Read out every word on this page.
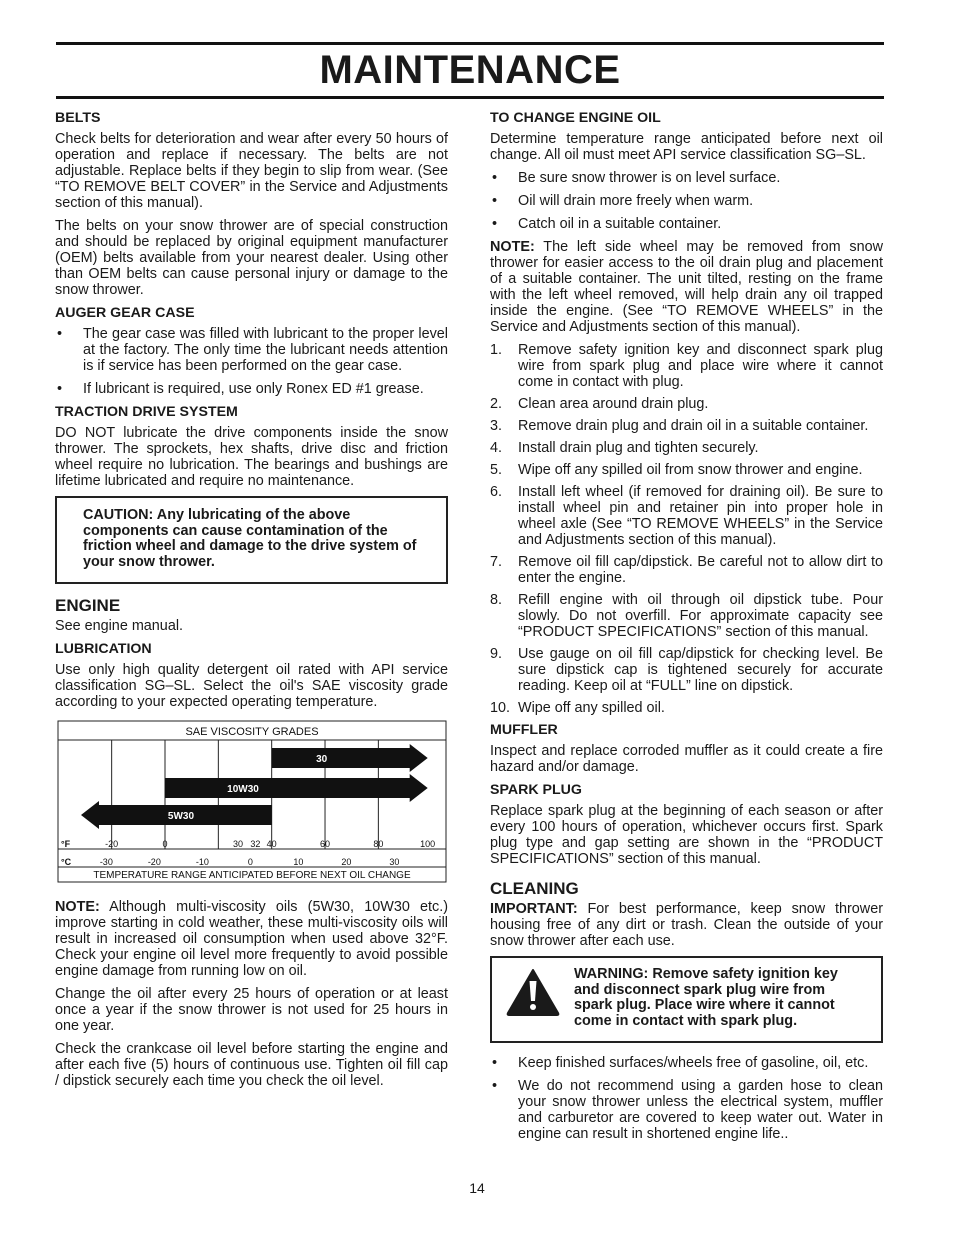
MAINTENANCE
BELTS

Check belts for deterioration and wear after every 50 hours of operation and replace if necessary. The belts are not adjustable. Replace belts if they begin to slip from wear. (See “TO REMOVE BELT COVER” in the Service and Adjustments section of this manual).

The belts on your snow thrower are of special construction and should be replaced by original equipment manufacturer (OEM) belts available from your nearest dealer. Using other than OEM belts can cause personal injury or damage to the snow thrower.

AUGER GEAR CASE
• The gear case was filled with lubricant to the proper level at the factory. The only time the lubricant needs attention is if service has been performed on the gear case.
• If lubricant is required, use only Ronex ED #1 grease.
TRACTION DRIVE SYSTEM

DO NOT lubricate the drive components inside the snow thrower. The sprockets, hex shafts, drive disc and friction wheel require no lubrication. The bearings and bushings are lifetime lubricated and require no maintenance.

CAUTION: Any lubricating of the above components can cause contamination of the friction wheel and damage to the drive system of your snow thrower.
ENGINE

See engine manual.

LUBRICATION

Use only high quality detergent oil rated with API service classification SG–SL. Select the oil's SAE viscosity grade according to your expected operating temperature.

SAE VISCOSITY GRADES
30
10W30
5W30
°F
°C
-20	0	30 32 40	60	80	100
-30	-20	-10	0	10	20	30
TEMPERATURE RANGE ANTICIPATED BEFORE NEXT OIL CHANGE

NOTE: Although multi-viscosity oils (5W30, 10W30 etc.) improve starting in cold weather, these multi-viscosity oils will result in increased oil consumption when used above 32°F. Check your engine oil level more frequently to avoid possible engine damage from running low on oil.

Change the oil after every 25 hours of operation or at least once a year if the snow thrower is not used for 25 hours in one year.

Check the crankcase oil level before starting the engine and after each five (5) hours of continuous use. Tighten oil fill cap / dipstick securely each time you check the oil level.

TO CHANGE ENGINE OIL

Determine temperature range anticipated before next oil change. All oil must meet API service classification SG–SL.

• Be sure snow thrower is on level surface.
• Oil will drain more freely when warm.
• Catch oil in a suitable container.

NOTE: The left side wheel may be removed from snow thrower for easier access to the oil drain plug and placement of a suitable container. The unit tilted, resting on the frame with the left wheel removed, will help drain any oil trapped inside the engine. (See “TO REMOVE WHEELS” in the Service and Adjustments section of this manual).

1. Remove safety ignition key and disconnect spark plug wire from spark plug and place wire where it cannot come in contact with plug.
2. Clean area around drain plug.
3. Remove drain plug and drain oil in a suitable container.
4. Install drain plug and tighten securely.
5. Wipe off any spilled oil from snow thrower and engine.
6. Install left wheel (if removed for draining oil). Be sure to install wheel pin and retainer pin into proper hole in wheel axle (See “TO REMOVE WHEELS” in the Service and Adjustments section of this manual).
7. Remove oil fill cap/dipstick. Be careful not to allow dirt to enter the engine.
8. Refill engine with oil through oil dipstick tube. Pour slowly. Do not overfill. For approximate capacity see “PRODUCT SPECIFICATIONS” section of this manual.
9. Use gauge on oil fill cap/dipstick for checking level. Be sure dipstick cap is tightened securely for accurate reading. Keep oil at “FULL” line on dipstick.
10. Wipe off any spilled oil.
MUFFLER

Inspect and replace corroded muffler as it could create a fire hazard and/or damage.

SPARK PLUG

Replace spark plug at the beginning of each season or after every 100 hours of operation, whichever occurs first. Spark plug type and gap setting are shown in the “PRODUCT SPECIFICATIONS” section of this manual.

CLEANING

IMPORTANT: For best performance, keep snow thrower housing free of any dirt or trash. Clean the outside of your snow thrower after each use.

WARNING: Remove safety ignition key and disconnect spark plug wire from spark plug. Place wire where it cannot come in contact with spark plug.
• Keep finished surfaces/wheels free of gasoline, oil, etc.
• We do not recommend using a garden hose to clean your snow thrower unless the electrical system, muffler and carburetor are covered to keep water out. Water in engine can result in shortened engine life..
14
